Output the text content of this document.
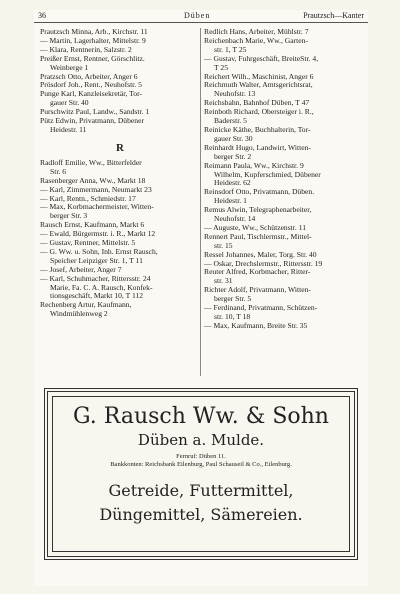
36	Düben	Prautzsch—Kanter
Prautzsch Minna, Arb., Kirchstr. 11
— Martin, Lagerhalter, Mittelstr. 9
— Klara, Rentnerin, Salzstr. 2
Preißer Ernst, Rentner, Görschlitz.
Weinberge 1
Pratzsch Otto, Arbeiter, Anger 6
Prösdorf Joh., Rent., Neuhofstr. 5
Punge Karl, Kanzleisekretär, Tor-
gauer Str. 40
Purschwitz Paul, Landw., Sandstr. 1
Pütz Edwin, Privatmann, Dübener
Heidestr. 11
R
Radloff Emilie, Ww., Bitterfelder
Str. 6
Rasenberger Anna, Ww., Markt 18
— Karl, Zimmermann, Neumarkt 23
— Karl, Rentn., Schmiedstr. 17
— Max, Korbmachermeister, Witten-
berger Str. 3
Rausch Ernst, Kaufmann, Markt 6
— Ewald, Bürgermstr. i. R., Markt 12
— Gustav, Rentner, Mittelstr. 5
— G. Ww. u. Sohn, Inh. Ernst Rausch,
Speicher Leipziger Str. 1, T 11
— Josef, Arbeiter, Anger 7
— Karl, Schuhmacher, Rittersstr. 24
Marie, Fa. C. A. Rausch, Konfek-
tionsgeschäft, Markt 10, T 112
Rechenberg Artur, Kaufmann,
Windmühlenweg 2
Redlich Hans, Arbeiter, Mühlstr. 7
Reichenbach Marie, Ww., Garten-
str. 1, T 25
— Gustav, Fuhrgeschäft, BreiteStr. 4,
T 25
Reichert Wilh., Maschinist, Anger 6
Reichmuth Walter, Amtsgerichtsrat,
Neuhofstr. 13
Reichsbahn, Bahnhof Düben, T 47
Reinboth Richard, Obersteiger i. R.,
Baderstr. 5
Reinicke Käthe, Buchhalterin, Tor-
gauer Str. 30
Reinhardt Hugo, Landwirt, Witten-
berger Str. 2
Reimann Paula, Ww., Kirchstr. 9
Wilhelm, Kupferschmied, Dübener
Heidestr. 62
Reinsdorf Otto, Privatmann, Düben.
Heidestr. 1
Remus Alwin, Telegraphenarbeiter,
Neuhofstr. 14
— Auguste, Ww., Schützenstr. 11
Rennert Paul, Tischlermstr., Mittel-
str. 15
Ressel Johannes, Maler, Torg. Str. 40
— Oskar, Drechslermstr., Rittersstr. 19
Reuter Alfred, Korbmacher, Ritter-
str. 31
Richter Adolf, Privatmann, Witten-
berger Str. 5
— Ferdinand, Privatmann, Schützen-
str. 10, T 18
— Max, Kaufmann, Breite Str. 35
G. Rausch Ww. & Sohn
Düben a. Mulde.
Fernruf: Düben 11.
Bankkonten: Reichsbank Eilenburg, Paul Schauseil & Co., Eilenburg.
Getreide, Futtermittel,
Düngemittel, Sämereien.
